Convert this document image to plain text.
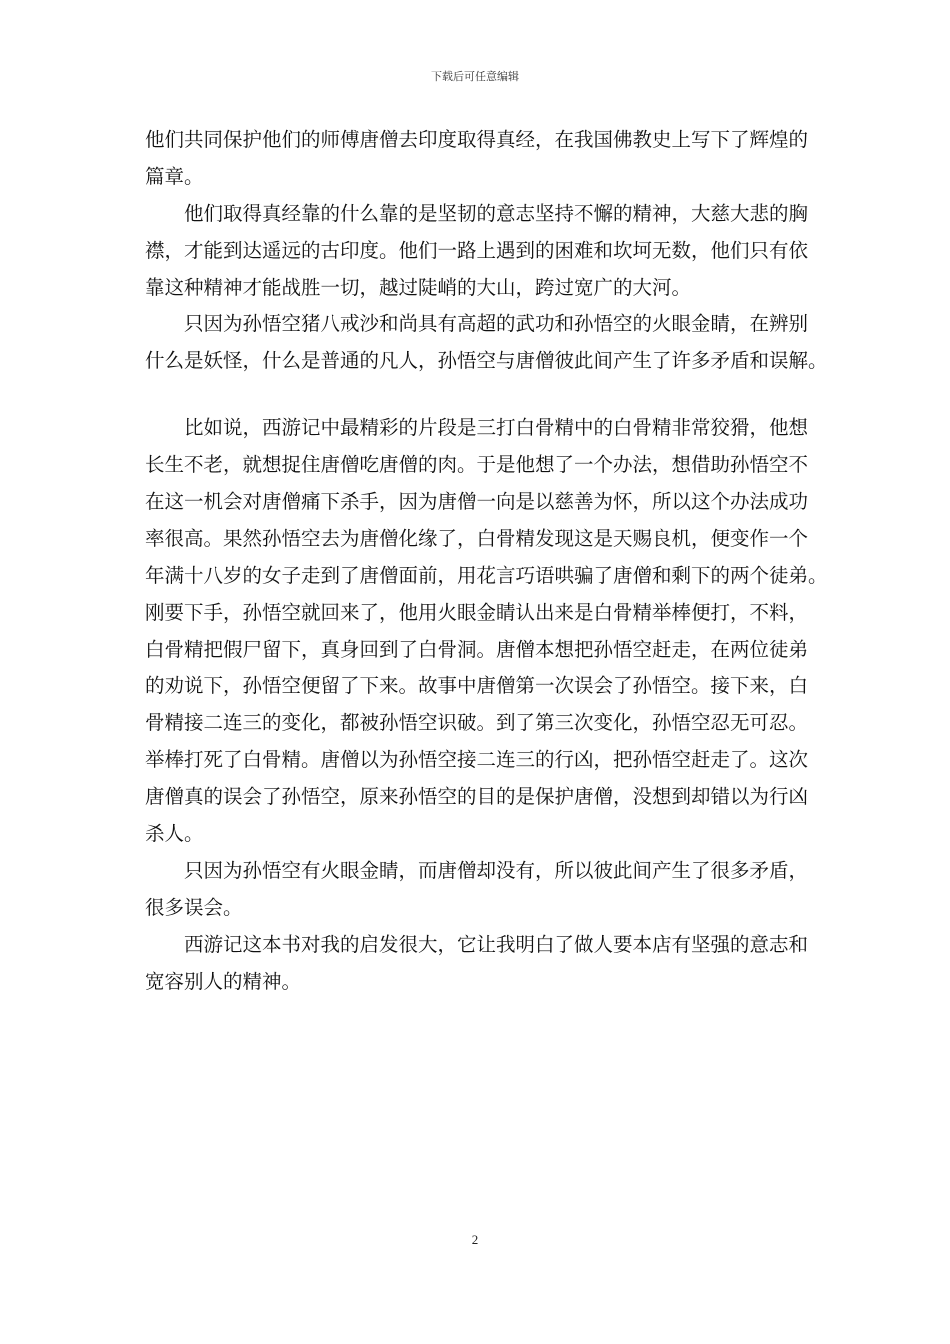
下载后可任意编辑
他们共同保护他们的师傅唐僧去印度取得真经，在我国佛教史上写下了辉煌的
篇章。
他们取得真经靠的什么靠的是坚韧的意志坚持不懈的精神，大慈大悲的胸
襟，才能到达遥远的古印度。他们一路上遇到的困难和坎坷无数，他们只有依
靠这种精神才能战胜一切，越过陡峭的大山，跨过宽广的大河。
只因为孙悟空猪八戒沙和尚具有高超的武功和孙悟空的火眼金睛，在辨别
什么是妖怪，什么是普通的凡人，孙悟空与唐僧彼此间产生了许多矛盾和误解。
比如说，西游记中最精彩的片段是三打白骨精中的白骨精非常狡猾，他想
长生不老，就想捉住唐僧吃唐僧的肉。于是他想了一个办法，想借助孙悟空不
在这一机会对唐僧痛下杀手，因为唐僧一向是以慈善为怀，所以这个办法成功
率很高。果然孙悟空去为唐僧化缘了，白骨精发现这是天赐良机，便变作一个
年满十八岁的女子走到了唐僧面前，用花言巧语哄骗了唐僧和剩下的两个徒弟。
刚要下手，孙悟空就回来了，他用火眼金睛认出来是白骨精举棒便打，不料，
白骨精把假尸留下，真身回到了白骨洞。唐僧本想把孙悟空赶走，在两位徒弟
的劝说下，孙悟空便留了下来。故事中唐僧第一次误会了孙悟空。接下来，白
骨精接二连三的变化，都被孙悟空识破。到了第三次变化，孙悟空忍无可忍。
举棒打死了白骨精。唐僧以为孙悟空接二连三的行凶，把孙悟空赶走了。这次
唐僧真的误会了孙悟空，原来孙悟空的目的是保护唐僧，没想到却错以为行凶
杀人。
只因为孙悟空有火眼金睛，而唐僧却没有，所以彼此间产生了很多矛盾，
很多误会。
西游记这本书对我的启发很大，它让我明白了做人要本店有坚强的意志和
宽容别人的精神。
2
